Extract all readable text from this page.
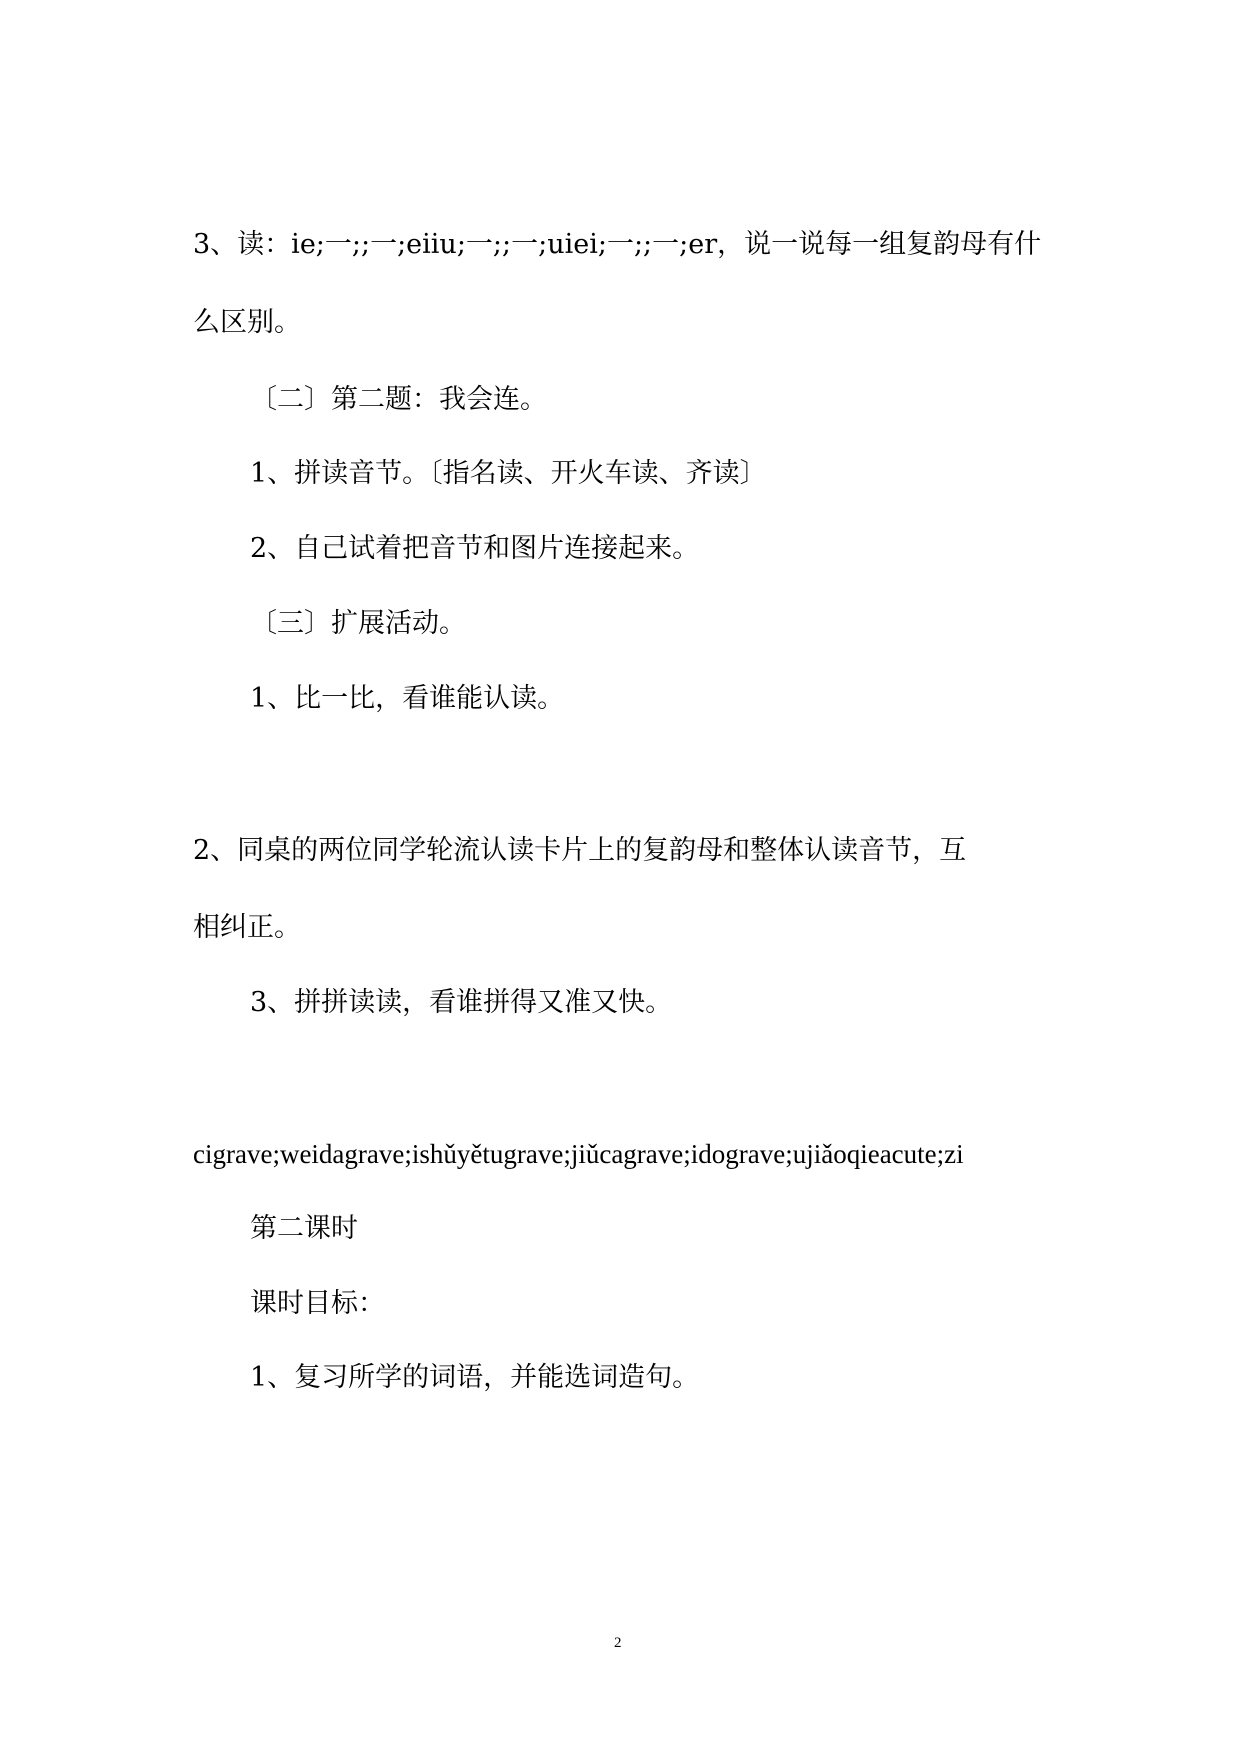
3、读：ie;一;;一;eiiu;一;;一;uiei;一;;一;er，说一说每一组复韵母有什
么区别。
〔二〕第二题：我会连。
1、拼读音节。〔指名读、开火车读、齐读〕
2、自己试着把音节和图片连接起来。
〔三〕扩展活动。
1、比一比，看谁能认读。
2、同桌的两位同学轮流认读卡片上的复韵母和整体认读音节，互
相纠正。
3、拼拼读读，看谁拼得又准又快。
cigrave;weidagrave;ishǔyětugrave;jiǔcagrave;idograve;ujiǎoqieacute;zi
第二课时
课时目标：
1、复习所学的词语，并能选词造句。
2
